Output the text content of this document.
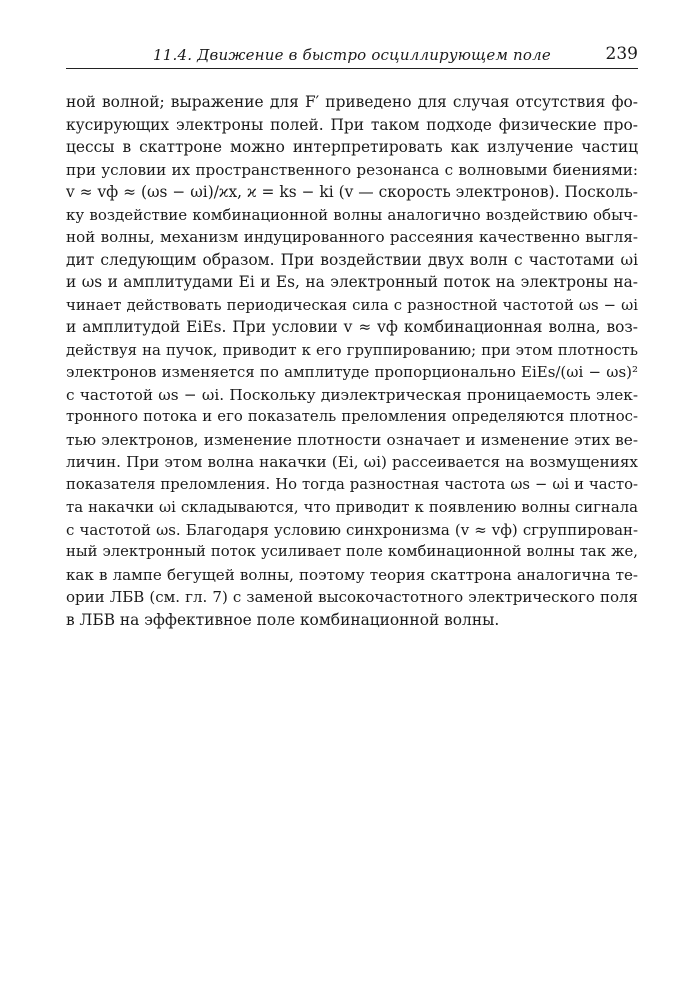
11.4. Движение в быстро осциллирующем поле	239
ной волной; выражение для F′ приведено для случая отсутствия фо-
кусирующих электроны полей. При таком подходе физические про-
цессы в скаттроне можно интерпретировать как излучение частиц
при условии их пространственного резонанса с волновыми биениями:
v ≈ vф ≈ (ωs − ωi)/ϰx, ϰ = ks − ki (v — скорость электронов). Посколь-
ку воздействие комбинационной волны аналогично воздействию обыч-
ной волны, механизм индуцированного рассеяния качественно выгля-
дит следующим образом. При воздействии двух волн с частотами ωi
и ωs и амплитудами Ei и Es, на электронный поток на электроны на-
чинает действовать периодическая сила с разностной частотой ωs − ωi
и амплитудой EiEs. При условии v ≈ vф комбинационная волна, воз-
действуя на пучок, приводит к его группированию; при этом плотность
электронов изменяется по амплитуде пропорционально EiEs/(ωi − ωs)²
с частотой ωs − ωi. Поскольку диэлектрическая проницаемость элек-
тронного потока и его показатель преломления определяются плотнос-
тью электронов, изменение плотности означает и изменение этих ве-
личин. При этом волна накачки (Ei, ωi) рассеивается на возмущениях
показателя преломления. Но тогда разностная частота ωs − ωi и часто-
та накачки ωi складываются, что приводит к появлению волны сигнала
с частотой ωs. Благодаря условию синхронизма (v ≈ vф) сгруппирован-
ный электронный поток усиливает поле комбинационной волны так же,
как в лампе бегущей волны, поэтому теория скаттрона аналогична те-
ории ЛБВ (см. гл. 7) с заменой высокочастотного электрического поля
в ЛБВ на эффективное поле комбинационной волны.
